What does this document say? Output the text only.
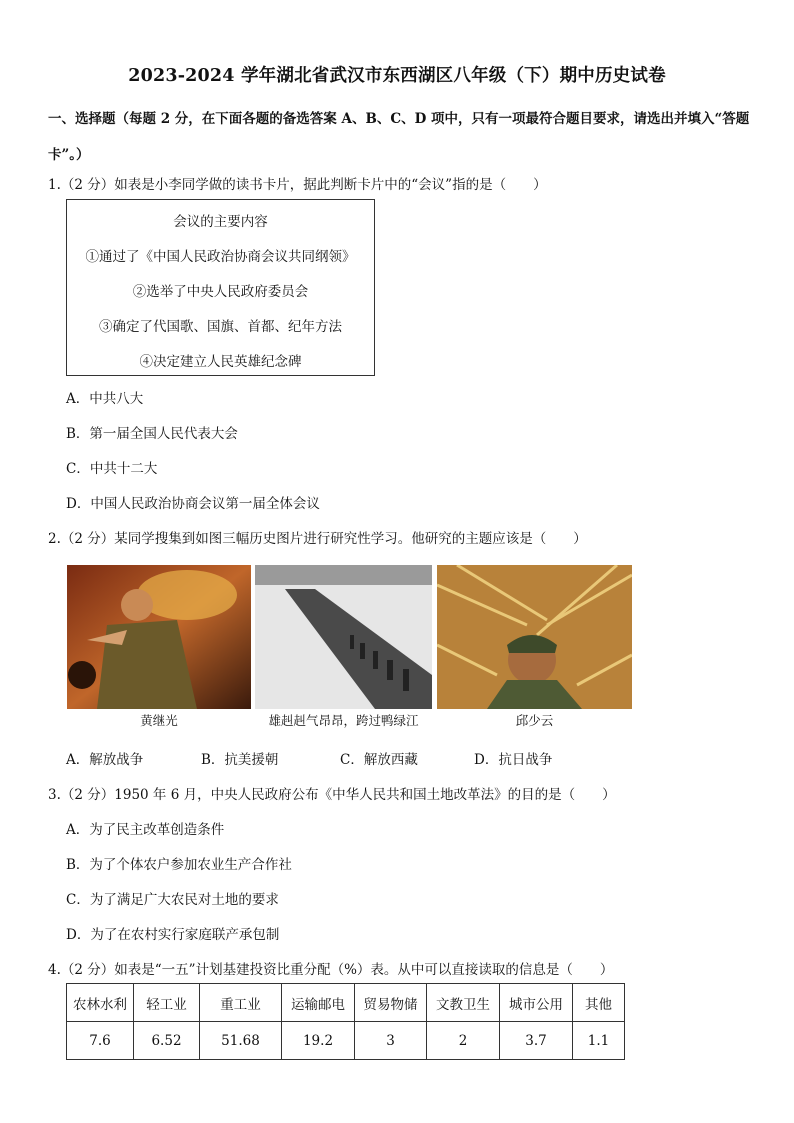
2023-2024 学年湖北省武汉市东西湖区八年级（下）期中历史试卷
一、选择题（每题 2 分，在下面各题的备选答案 A、B、C、D 项中，只有一项最符合题目要求，请选出并填入“答题卡”。）
1.（2 分）如表是小李同学做的读书卡片，据此判断卡片中的“会议”指的是（　　）
会议的主要内容
①通过了《中国人民政治协商会议共同纲领》
②选举了中央人民政府委员会
③确定了代国歌、国旗、首都、纪年方法
④决定建立人民英雄纪念碑
A．中共八大
B．第一届全国人民代表大会
C．中共十二大
D．中国人民政治协商会议第一届全体会议
2.（2 分）某同学搜集到如图三幅历史图片进行研究性学习。他研究的主题应该是（　　）
黄继光	雄赳赳气昂昂，跨过鸭绿江	邱少云
A．解放战争	B．抗美援朝	C．解放西藏	D．抗日战争
3.（2 分）1950 年 6 月，中央人民政府公布《中华人民共和国土地改革法》的目的是（　　）
A．为了民主改革创造条件
B．为了个体农户参加农业生产合作社
C．为了满足广大农民对土地的要求
D．为了在农村实行家庭联产承包制
4.（2 分）如表是“一五”计划基建投资比重分配（%）表。从中可以直接读取的信息是（　　）
农林水利	轻工业	重工业	运输邮电	贸易物储	文教卫生	城市公用	其他
7.6	6.52	51.68	19.2	3	2	3.7	1.1
